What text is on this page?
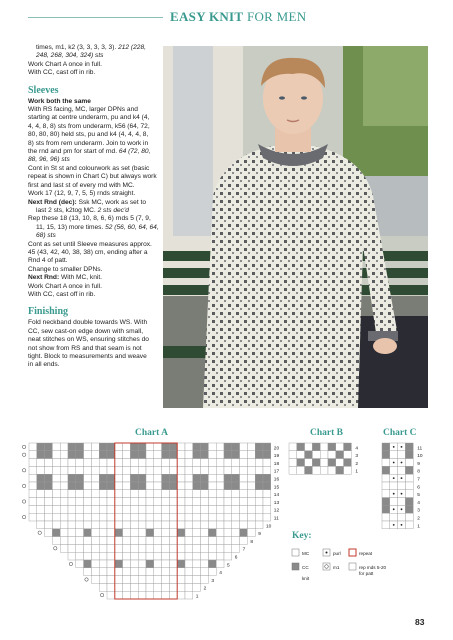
EASY KNIT FOR MEN

times, m1, k2 (3, 3, 3, 3, 3). 212 (228,

248, 268, 304, 324) sts

Work Chart A once in full.

With CC, cast off in rib.

Sleeves

Work both the same

With RS facing, MC, larger DPNs and

starting at centre underarm, pu and k4 (4,

4, 4, 8, 8) sts from underarm, k56 (64, 72,

80, 80, 80) held sts, pu and k4 (4, 4, 4, 8,

8) sts from rem underarm. Join to work in

the rnd and pm for start of rnd. 64 (72, 80,

88, 96, 96) sts

Cont in St st and colourwork as set (basic

repeat is shown in Chart C) but always work

first and last st of every rnd with MC.

Work 17 (12, 9, 7, 5, 5) rnds straight.

Next Rnd (dec): Ssk MC, work as set to

last 2 sts, k2tog MC. 2 sts dec'd

Rep these 18 (13, 10, 8, 6, 6) rnds 5 (7, 9,

11, 15, 13) more times. 52 (56, 60, 64, 64,

68) sts

Cont as set until Sleeve measures approx.

45 (43, 42, 40, 38, 38) cm, ending after a

Rnd 4 of patt.

Change to smaller DPNs.

Next Rnd: With MC, knit.

Work Chart A once in full.

With CC, cast off in rib.

Finishing

Fold neckband double towards WS. With

CC, sew cast-on edge down with small,

neat stitches on WS, ensuring stitches do

not show from RS and that seam is not

tight. Block to measurements and weave

in all ends.

Chart A	Chart B	Chart C
20
19
18
17
16
15
14
13
12
11
10
9
8
7
6
5
4
3
2
1
4
3
2
1
11
10
9
8
7
6
5
4
3
2
1
Key:
MC
CC
knit
purl
m1
repeat
rep mds 5-20
for patt
83
